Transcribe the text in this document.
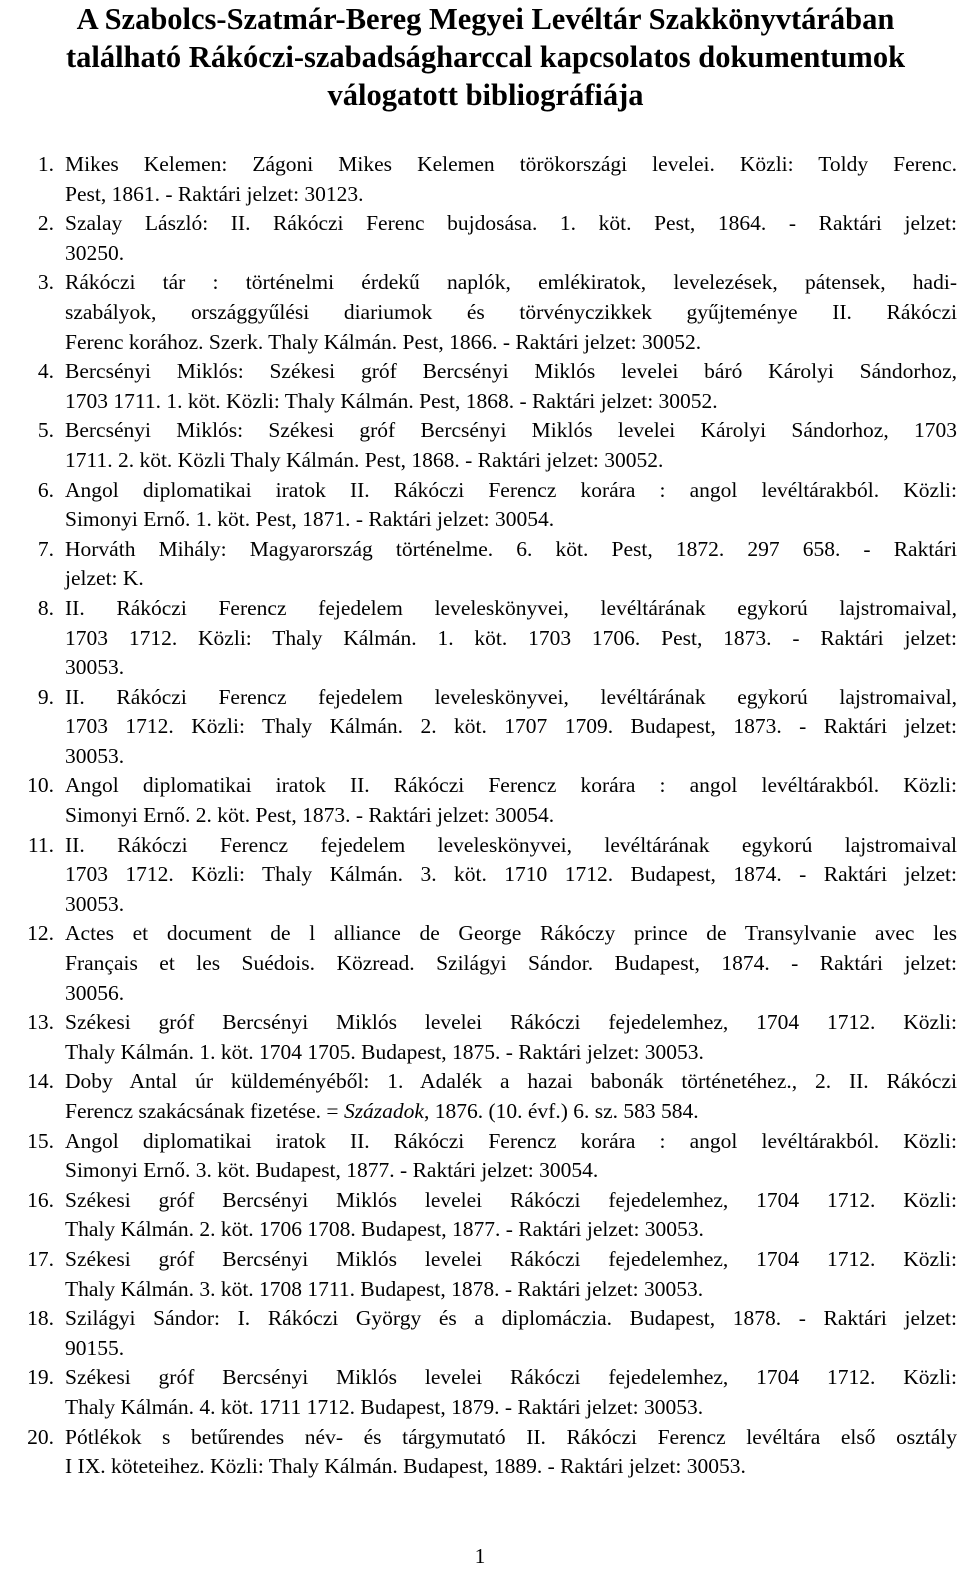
A Szabolcs-Szatmár-Bereg Megyei Levéltár Szakkönyvtárában
található Rákóczi-szabadságharccal kapcsolatos dokumentumok
válogatott bibliográfiája
1. Mikes Kelemen: Zágoni Mikes Kelemen törökországi levelei. Közli: Toldy Ferenc.
Pest, 1861. - Raktári jelzet: 30123.
2. Szalay László: II. Rákóczi Ferenc bujdosása. 1. köt. Pest, 1864. - Raktári jelzet:
30250.
3. Rákóczi tár : történelmi érdekű naplók, emlékiratok, levelezések, pátensek, hadi-
szabályok, országgyűlési diariumok és törvényczikkek gyűjteménye II. Rákóczi
Ferenc korához. Szerk. Thaly Kálmán. Pest, 1866. - Raktári jelzet: 30052.
4. Bercsényi Miklós: Székesi gróf Bercsényi Miklós levelei báró Károlyi Sándorhoz,
1703 1711. 1. köt. Közli: Thaly Kálmán. Pest, 1868. - Raktári jelzet: 30052.
5. Bercsényi Miklós: Székesi gróf Bercsényi Miklós levelei Károlyi Sándorhoz, 1703
1711. 2. köt. Közli Thaly Kálmán. Pest, 1868. - Raktári jelzet: 30052.
6. Angol diplomatikai iratok II. Rákóczi Ferencz korára : angol levéltárakból. Közli:
Simonyi Ernő. 1. köt. Pest, 1871. - Raktári jelzet: 30054.
7. Horváth Mihály: Magyarország történelme. 6. köt. Pest, 1872. 297 658. - Raktári
jelzet: K.
8. II. Rákóczi Ferencz fejedelem leveleskönyvei, levéltárának egykorú lajstromaival,
1703 1712. Közli: Thaly Kálmán. 1. köt. 1703 1706. Pest, 1873. - Raktári jelzet:
30053.
9. II. Rákóczi Ferencz fejedelem leveleskönyvei, levéltárának egykorú lajstromaival,
1703 1712. Közli: Thaly Kálmán. 2. köt. 1707 1709. Budapest, 1873. - Raktári jelzet:
30053.
10. Angol diplomatikai iratok II. Rákóczi Ferencz korára : angol levéltárakból. Közli:
Simonyi Ernő. 2. köt. Pest, 1873. - Raktári jelzet: 30054.
11. II. Rákóczi Ferencz fejedelem leveleskönyvei, levéltárának egykorú lajstromaival
1703 1712. Közli: Thaly Kálmán. 3. köt. 1710 1712. Budapest, 1874. - Raktári jelzet:
30053.
12. Actes et document de l alliance de George Rákóczy prince de Transylvanie avec les
Français et les Suédois. Közread. Szilágyi Sándor. Budapest, 1874. - Raktári jelzet:
30056.
13. Székesi gróf Bercsényi Miklós levelei Rákóczi fejedelemhez, 1704 1712. Közli:
Thaly Kálmán. 1. köt. 1704 1705. Budapest, 1875. - Raktári jelzet: 30053.
14. Doby Antal úr küldeményéből: 1. Adalék a hazai babonák történetéhez., 2. II. Rákóczi
Ferencz szakácsának fizetése. = Századok, 1876. (10. évf.) 6. sz. 583 584.
15. Angol diplomatikai iratok II. Rákóczi Ferencz korára : angol levéltárakból. Közli:
Simonyi Ernő. 3. köt. Budapest, 1877. - Raktári jelzet: 30054.
16. Székesi gróf Bercsényi Miklós levelei Rákóczi fejedelemhez, 1704 1712. Közli:
Thaly Kálmán. 2. köt. 1706 1708. Budapest, 1877. - Raktári jelzet: 30053.
17. Székesi gróf Bercsényi Miklós levelei Rákóczi fejedelemhez, 1704 1712. Közli:
Thaly Kálmán. 3. köt. 1708 1711. Budapest, 1878. - Raktári jelzet: 30053.
18. Szilágyi Sándor: I. Rákóczi György és a diplomáczia. Budapest, 1878. - Raktári jelzet:
90155.
19. Székesi gróf Bercsényi Miklós levelei Rákóczi fejedelemhez, 1704 1712. Közli:
Thaly Kálmán. 4. köt. 1711 1712. Budapest, 1879. - Raktári jelzet: 30053.
20. Pótlékok s betűrendes név- és tárgymutató II. Rákóczi Ferencz levéltára első osztály
I IX. köteteihez. Közli: Thaly Kálmán. Budapest, 1889. - Raktári jelzet: 30053.
1
